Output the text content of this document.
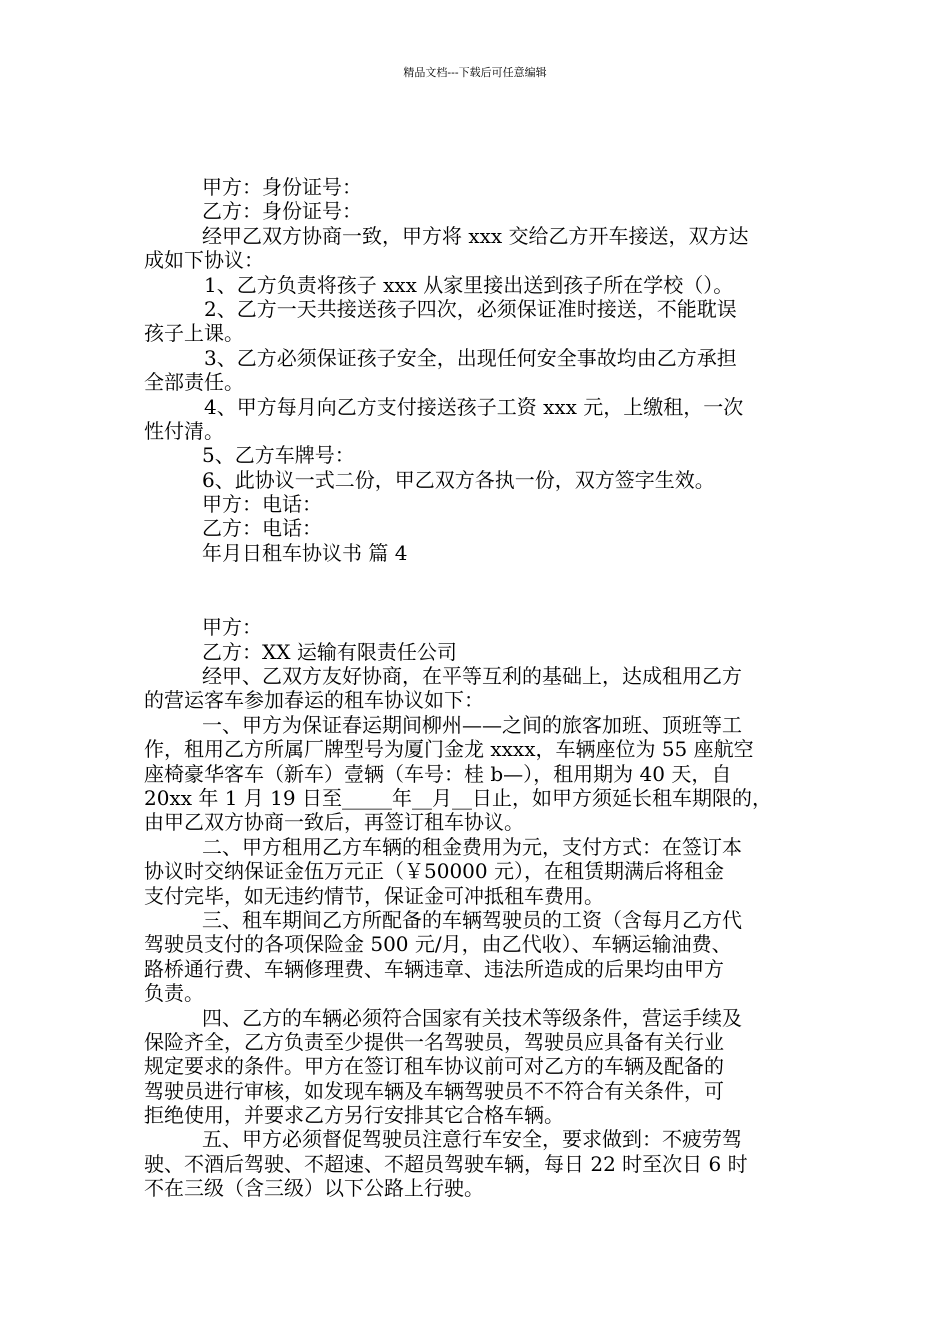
精品文档---下载后可任意编辑
甲方：身份证号：
乙方：身份证号：
经甲乙双方协商一致，甲方将 xxx 交给乙方开车接送，双方达
成如下协议：
1、乙方负责将孩子 xxx 从家里接出送到孩子所在学校（）。
2、乙方一天共接送孩子四次，必须保证准时接送，不能耽误
孩子上课。
3、乙方必须保证孩子安全，出现任何安全事故均由乙方承担
全部责任。
4、甲方每月向乙方支付接送孩子工资 xxx 元，上缴租，一次
性付清。
5、乙方车牌号：
6、此协议一式二份，甲乙双方各执一份，双方签字生效。
甲方：电话：
乙方：电话：
年月日租车协议书 篇 4
甲方：
乙方：XX 运输有限责任公司
经甲、乙双方友好协商，在平等互利的基础上，达成租用乙方
的营运客车参加春运的租车协议如下：
一、甲方为保证春运期间柳州——之间的旅客加班、顶班等工
作，租用乙方所属厂牌型号为厦门金龙 xxxx，车辆座位为 55 座航空
座椅豪华客车（新车）壹辆（车号：桂 b—），租用期为 40 天，自
20xx 年 1 月 19 日至_____年__月__日止，如甲方须延长租车期限的，
由甲乙双方协商一致后，再签订租车协议。
二、甲方租用乙方车辆的租金费用为元，支付方式：在签订本
协议时交纳保证金伍万元正（￥50000 元），在租赁期满后将租金
支付完毕，如无违约情节，保证金可冲抵租车费用。
三、租车期间乙方所配备的车辆驾驶员的工资（含每月乙方代
驾驶员支付的各项保险金 500 元/月，由乙代收）、车辆运输油费、
路桥通行费、车辆修理费、车辆违章、违法所造成的后果均由甲方
负责。
四、乙方的车辆必须符合国家有关技术等级条件，营运手续及
保险齐全，乙方负责至少提供一名驾驶员，驾驶员应具备有关行业
规定要求的条件。甲方在签订租车协议前可对乙方的车辆及配备的
驾驶员进行审核，如发现车辆及车辆驾驶员不不符合有关条件，可
拒绝使用，并要求乙方另行安排其它合格车辆。
五、甲方必须督促驾驶员注意行车安全，要求做到：不疲劳驾
驶、不酒后驾驶、不超速、不超员驾驶车辆，每日 22 时至次日 6 时
不在三级（含三级）以下公路上行驶。
